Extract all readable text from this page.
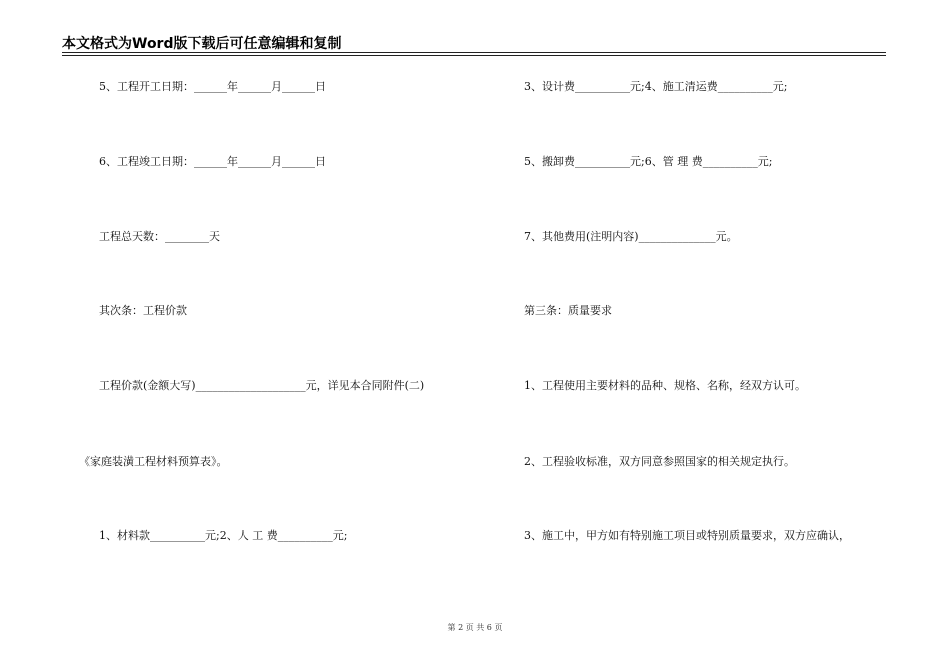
本文格式为Word版下载后可任意编辑和复制
5、工程开工日期：______年______月______日
6、工程竣工日期：______年______月______日
工程总天数：________天
其次条：工程价款
工程价款(金额大写)____________________元，详见本合同附件(二)
《家庭装潢工程材料预算表》。
1、材料款__________元;2、人 工 费__________元;
3、设计费__________元;4、施工清运费__________元;
5、搬卸费__________元;6、管 理 费__________元;
7、其他费用(注明内容)______________元。
第三条：质量要求
1、工程使用主要材料的品种、规格、名称，经双方认可。
2、工程验收标准，双方同意参照国家的相关规定执行。
3、施工中，甲方如有特别施工项目或特别质量要求，双方应确认，
第 2 页 共 6 页
